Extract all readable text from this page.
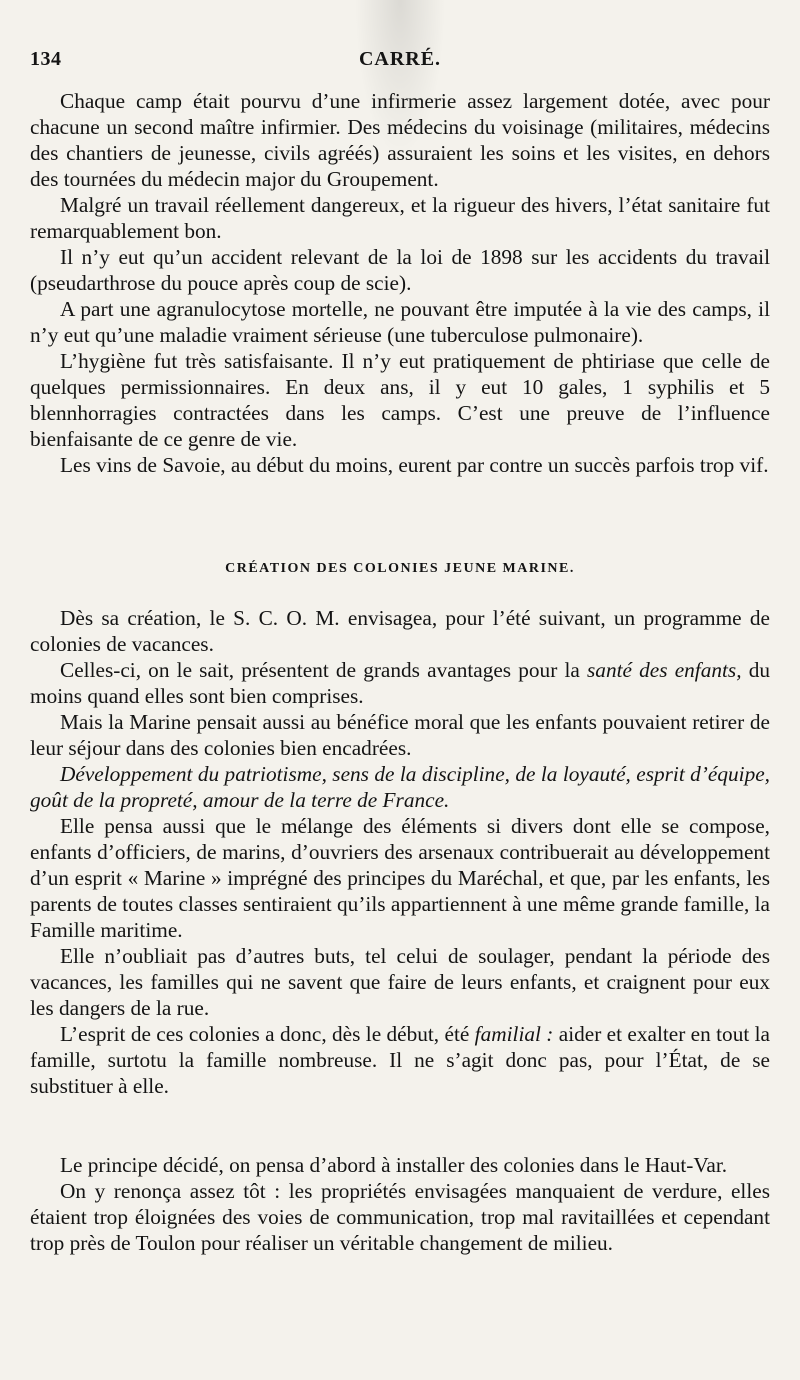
134	CARRÉ.

Chaque camp était pourvu d’une infirmerie assez largement dotée, avec pour chacune un second maître infirmier. Des médecins du voisinage (militaires, médecins des chantiers de jeunesse, civils agréés) assuraient les soins et les visites, en dehors des tournées du médecin major du Groupement.

Malgré un travail réellement dangereux, et la rigueur des hivers, l’état sanitaire fut remarquablement bon.

Il n’y eut qu’un accident relevant de la loi de 1898 sur les accidents du travail (pseudarthrose du pouce après coup de scie).

A part une agranulocytose mortelle, ne pouvant être imputée à la vie des camps, il n’y eut qu’une maladie vraiment sérieuse (une tuberculose pulmonaire).

L’hygiène fut très satisfaisante. Il n’y eut pratiquement de phtiriase que celle de quelques permissionnaires. En deux ans, il y eut 10 gales, 1 syphilis et 5 blennhorragies contractées dans les camps. C’est une preuve de l’influence bienfaisante de ce genre de vie.

Les vins de Savoie, au début du moins, eurent par contre un succès parfois trop vif.

CRÉATION DES COLONIES JEUNE MARINE.

Dès sa création, le S. C. O. M. envisagea, pour l’été suivant, un programme de colonies de vacances.

Celles-ci, on le sait, présentent de grands avantages pour la santé des enfants, du moins quand elles sont bien comprises.

Mais la Marine pensait aussi au bénéfice moral que les enfants pouvaient retirer de leur séjour dans des colonies bien encadrées.

Développement du patriotisme, sens de la discipline, de la loyauté, esprit d’équipe, goût de la propreté, amour de la terre de France.

Elle pensa aussi que le mélange des éléments si divers dont elle se compose, enfants d’officiers, de marins, d’ouvriers des arsenaux contribuerait au développement d’un esprit « Marine » imprégné des principes du Maréchal, et que, par les enfants, les parents de toutes classes sentiraient qu’ils appartiennent à une même grande famille, la Famille maritime.

Elle n’oubliait pas d’autres buts, tel celui de soulager, pendant la période des vacances, les familles qui ne savent que faire de leurs enfants, et craignent pour eux les dangers de la rue.

L’esprit de ces colonies a donc, dès le début, été familial : aider et exalter en tout la famille, surtotu la famille nombreuse. Il ne s’agit donc pas, pour l’État, de se substituer à elle.

Le principe décidé, on pensa d’abord à installer des colonies dans le Haut-Var.

On y renonça assez tôt : les propriétés envisagées manquaient de verdure, elles étaient trop éloignées des voies de communication, trop mal ravitaillées et cependant trop près de Toulon pour réaliser un véritable changement de milieu.
